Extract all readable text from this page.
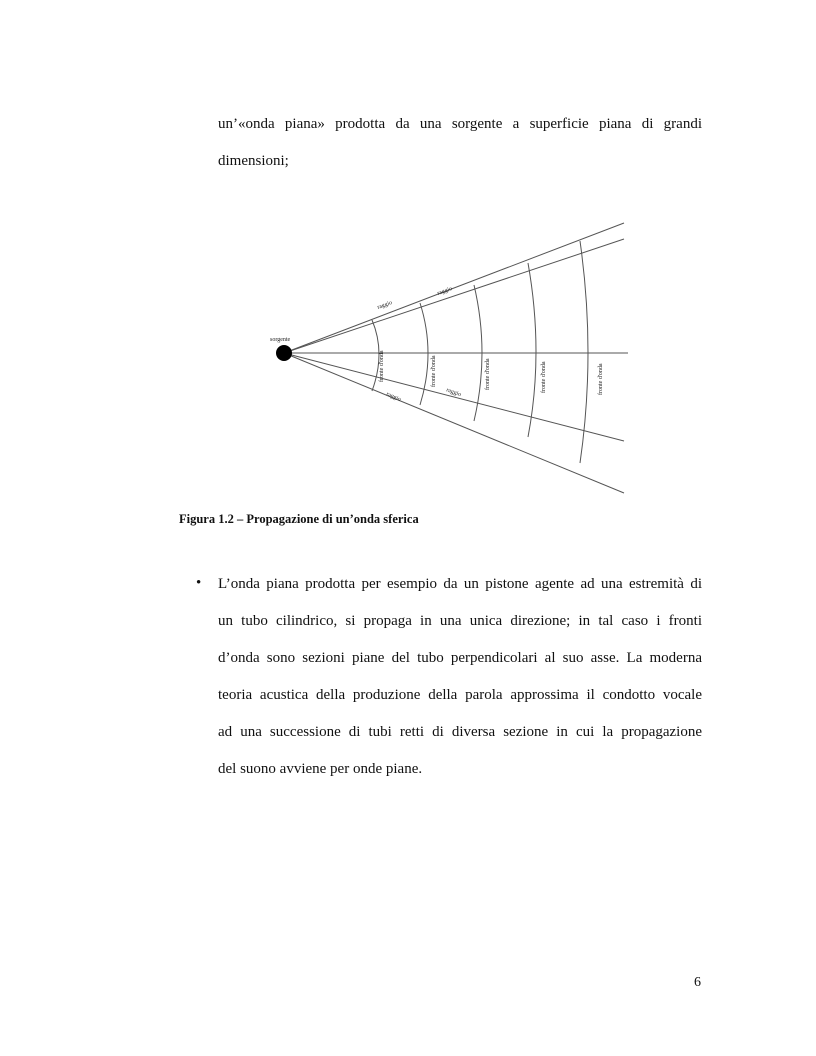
un’«onda piana» prodotta da una sorgente a superficie piana di grandi
dimensioni;
sorgente
raggio
raggio
raggio	raggio
fronte d'onda	fronte d'onda	fronte d'onda	fronte d'onda	fronte d'onda
Figura 1.2 – Propagazione di un’onda sferica
• L’onda piana prodotta per esempio da un pistone agente ad una estremità di
un tubo cilindrico, si propaga in una unica direzione; in tal caso i fronti
d’onda sono sezioni piane del tubo perpendicolari al suo asse. La moderna
teoria acustica della produzione della parola approssima il condotto vocale
ad una successione di tubi retti di diversa sezione in cui la propagazione
del suono avviene per onde piane.
6
